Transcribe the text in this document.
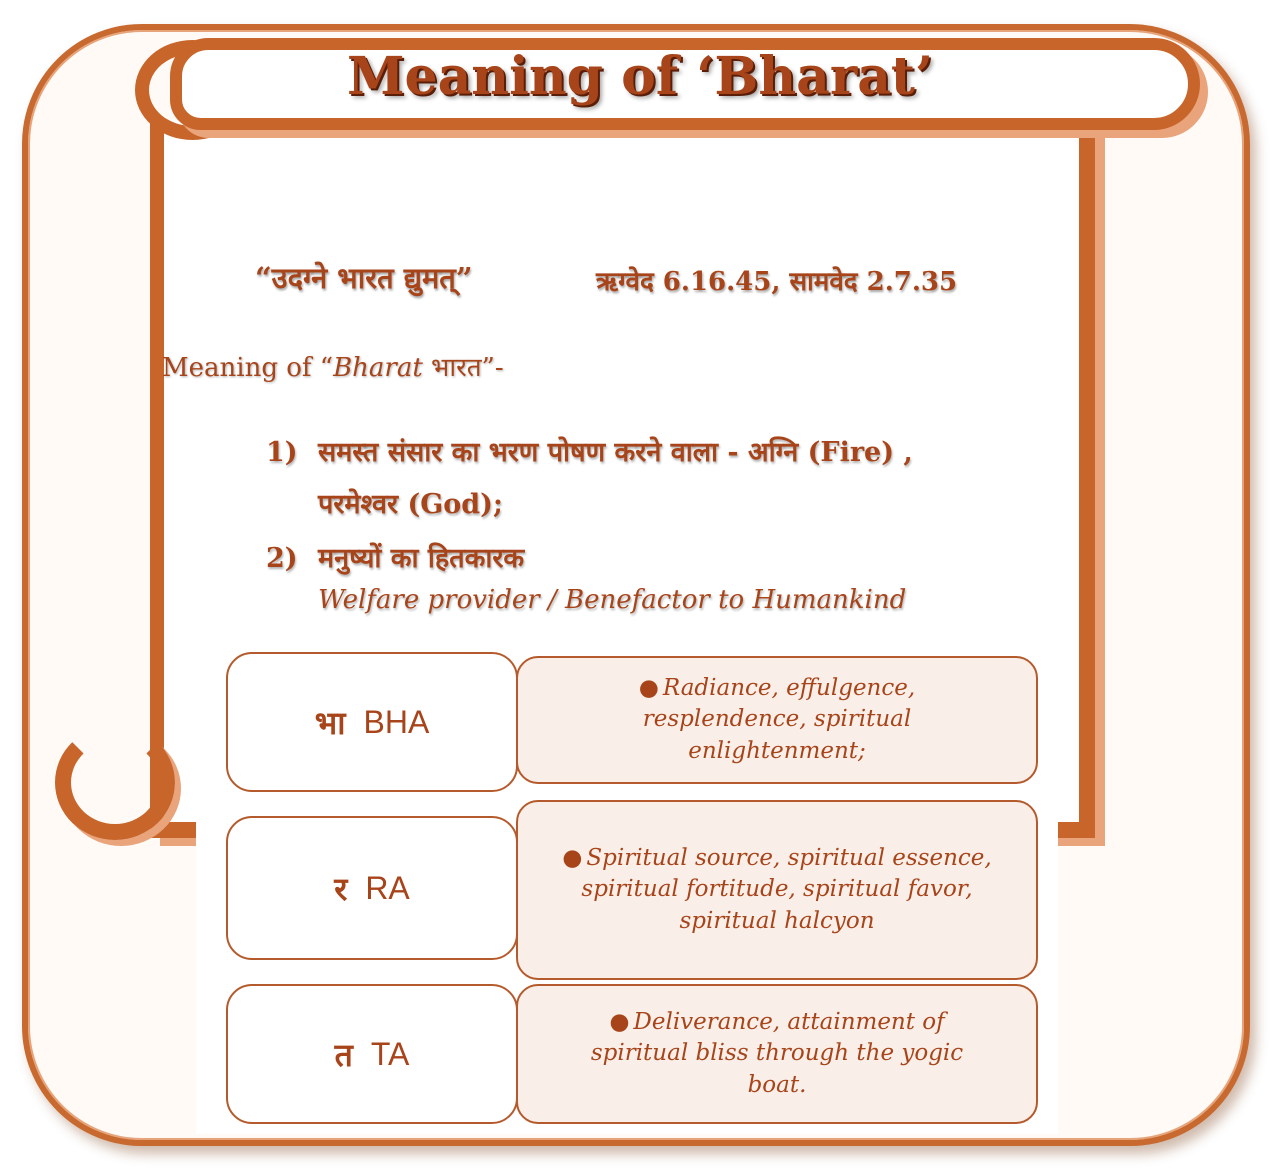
Meaning of ‘Bharat’
“उदग्ने भारत द्युमत्”	ऋग्वेद 6.16.45, सामवेद 2.7.35
Meaning of “Bharat भारत”-
1) समस्त संसार का भरण पोषण करने वाला - अग्नि (Fire) ,
परमेश्वर (God);
2) मनुष्यों का हितकारक
Welfare provider / Benefactor to Humankind
भा BHA
● Radiance, effulgence, resplendence, spiritual enlightenment;
र RA
● Spiritual source, spiritual essence, spiritual fortitude, spiritual favor, spiritual halcyon
त TA
● Deliverance, attainment of spiritual bliss through the yogic boat.
